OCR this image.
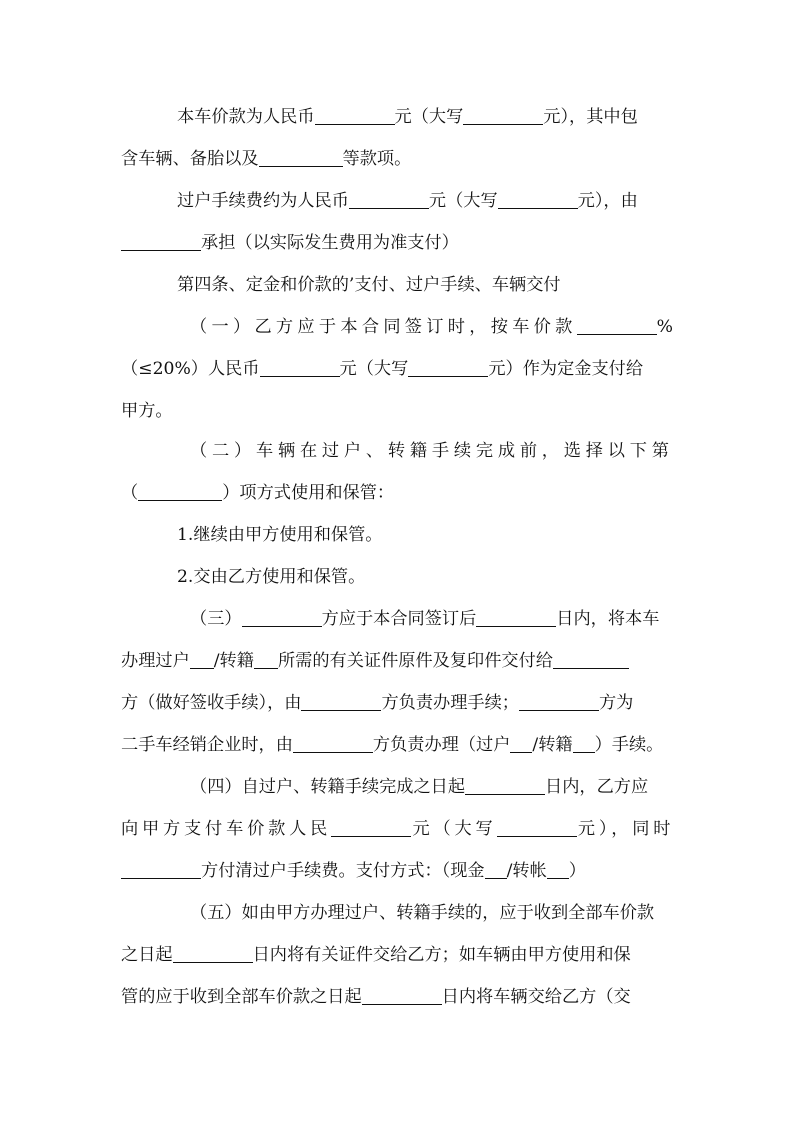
本车价款为人民币	元（大写	元），其中包
含车辆、备胎以及	等款项。
过户手续费约为人民币	元（大写	元），由
承担（以实际发生费用为准支付）
第四条、定金和价款的’支付、过户手续、车辆交付
（一）乙方应于本合同签订时，按车价款	%
（≤20%）人民币	元（大写	元）作为定金支付给
甲方。
（二）车辆在过户、转籍手续完成前，选择以下第
（	）项方式使用和保管：
1.继续由甲方使用和保管。
2.交由乙方使用和保管。
（三）	方应于本合同签订后	日内，将本车
办理过户 /转籍 所需的有关证件原件及复印件交付给
方（做好签收手续），由	方负责办理手续；	方为
二手车经销企业时，由	方负责办理（过户 /转籍 ）手续。
（四）自过户、转籍手续完成之日起	日内，乙方应
向甲方支付车价款人民	元（大写	元），同时
方付清过户手续费。支付方式：（现金 /转帐 ）
（五）如由甲方办理过户、转籍手续的，应于收到全部车价款
之日起	日内将有关证件交给乙方；如车辆由甲方使用和保
管的应于收到全部车价款之日起	日内将车辆交给乙方（交
